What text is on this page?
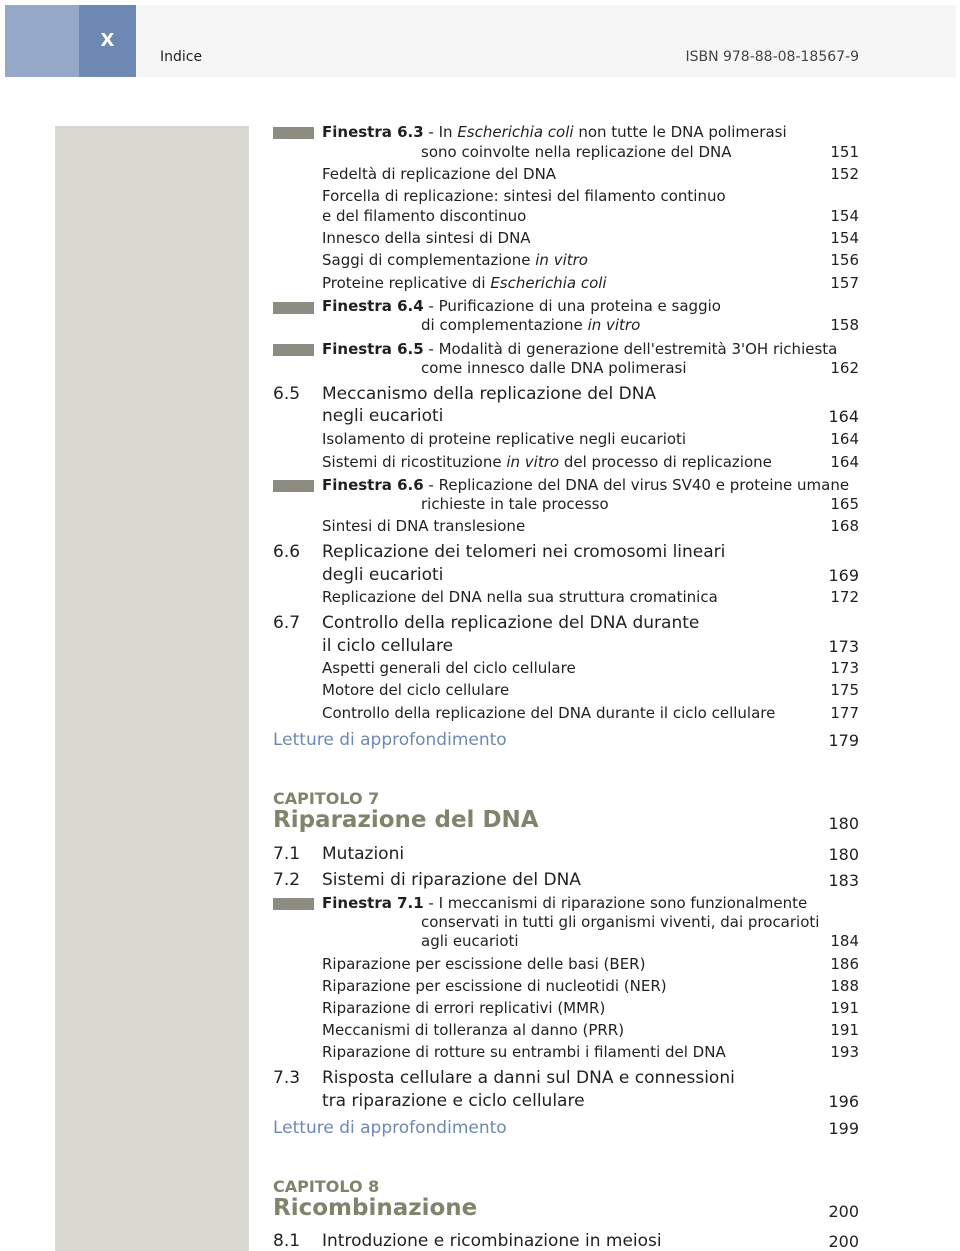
X
Indice	ISBN 978-88-08-18567-9
Finestra 6.3 - In Escherichia coli non tutte le DNA polimerasi
sono coinvolte nella replicazione del DNA	151
Fedeltà di replicazione del DNA	152
Forcella di replicazione: sintesi del filamento continuo
e del filamento discontinuo	154
Innesco della sintesi di DNA	154
Saggi di complementazione in vitro	156
Proteine replicative di Escherichia coli	157
Finestra 6.4 - Purificazione di una proteina e saggio
di complementazione in vitro	158
Finestra 6.5 - Modalità di generazione dell'estremità 3'OH richiesta
come innesco dalle DNA polimerasi	162
6.5 Meccanismo della replicazione del DNA
negli eucarioti	164
Isolamento di proteine replicative negli eucarioti	164
Sistemi di ricostituzione in vitro del processo di replicazione	164
Finestra 6.6 - Replicazione del DNA del virus SV40 e proteine umane
richieste in tale processo	165
Sintesi di DNA translesione	168
6.6 Replicazione dei telomeri nei cromosomi lineari
degli eucarioti	169
Replicazione del DNA nella sua struttura cromatinica	172
6.7 Controllo della replicazione del DNA durante
il ciclo cellulare	173
Aspetti generali del ciclo cellulare	173
Motore del ciclo cellulare	175
Controllo della replicazione del DNA durante il ciclo cellulare	177
Letture di approfondimento	179
CAPITOLO 7
Riparazione del DNA	180
7.1 Mutazioni	180
7.2 Sistemi di riparazione del DNA	183
Finestra 7.1 - I meccanismi di riparazione sono funzionalmente
conservati in tutti gli organismi viventi, dai procarioti
agli eucarioti	184
Riparazione per escissione delle basi (BER)	186
Riparazione per escissione di nucleotidi (NER)	188
Riparazione di errori replicativi (MMR)	191
Meccanismi di tolleranza al danno (PRR)	191
Riparazione di rotture su entrambi i filamenti del DNA	193
7.3 Risposta cellulare a danni sul DNA e connessioni
tra riparazione e ciclo cellulare	196
Letture di approfondimento	199
CAPITOLO 8
Ricombinazione	200
8.1 Introduzione e ricombinazione in meiosi	200
